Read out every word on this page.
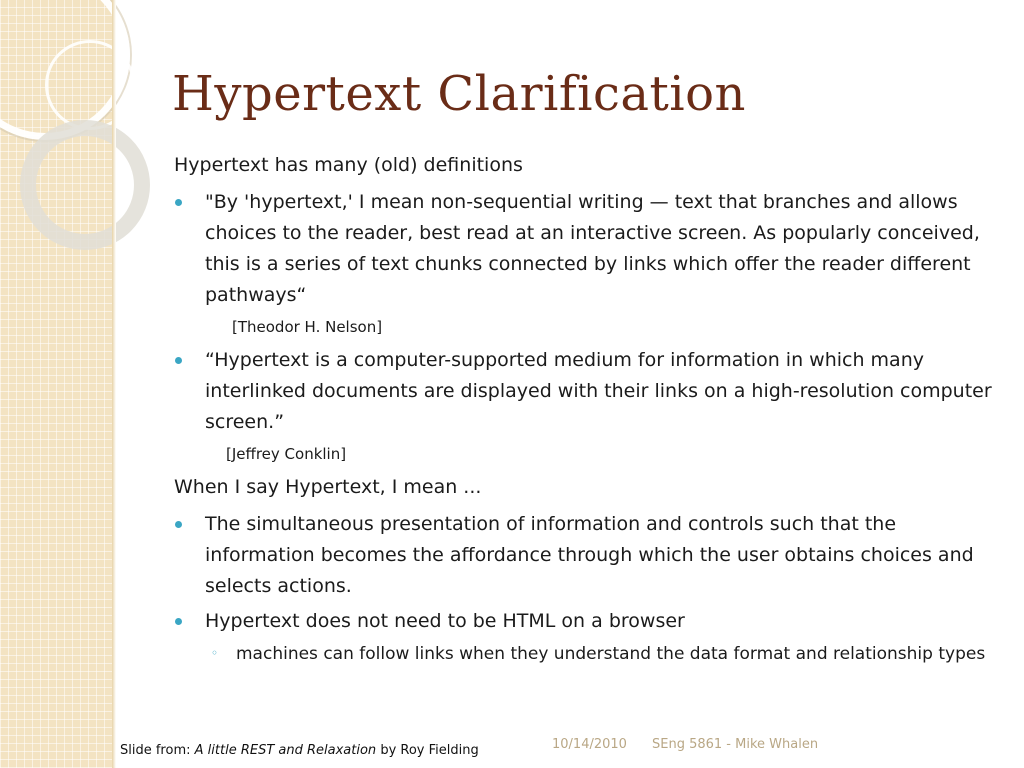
Hypertext Clarification

Hypertext has many (old) definitions

"By 'hypertext,' I mean non-sequential writing — text that branches and allows choices to the reader, best read at an interactive screen. As popularly conceived, this is a series of text chunks connected by links which offer the reader different pathways“

[Theodor H. Nelson]

“Hypertext is a computer-supported medium for information in which many interlinked documents are displayed with their links on a high-resolution computer screen.”

[Jeffrey Conklin]

When I say Hypertext, I mean ...

The simultaneous presentation of information and controls such that the information becomes the affordance through which the user obtains choices and selects actions.
Hypertext does not need to be HTML on a browser
◦ machines can follow links when they understand the data format and relationship types
Slide from: A little REST and Relaxation by Roy Fielding	10/14/2010 SEng 5861 - Mike Whalen
